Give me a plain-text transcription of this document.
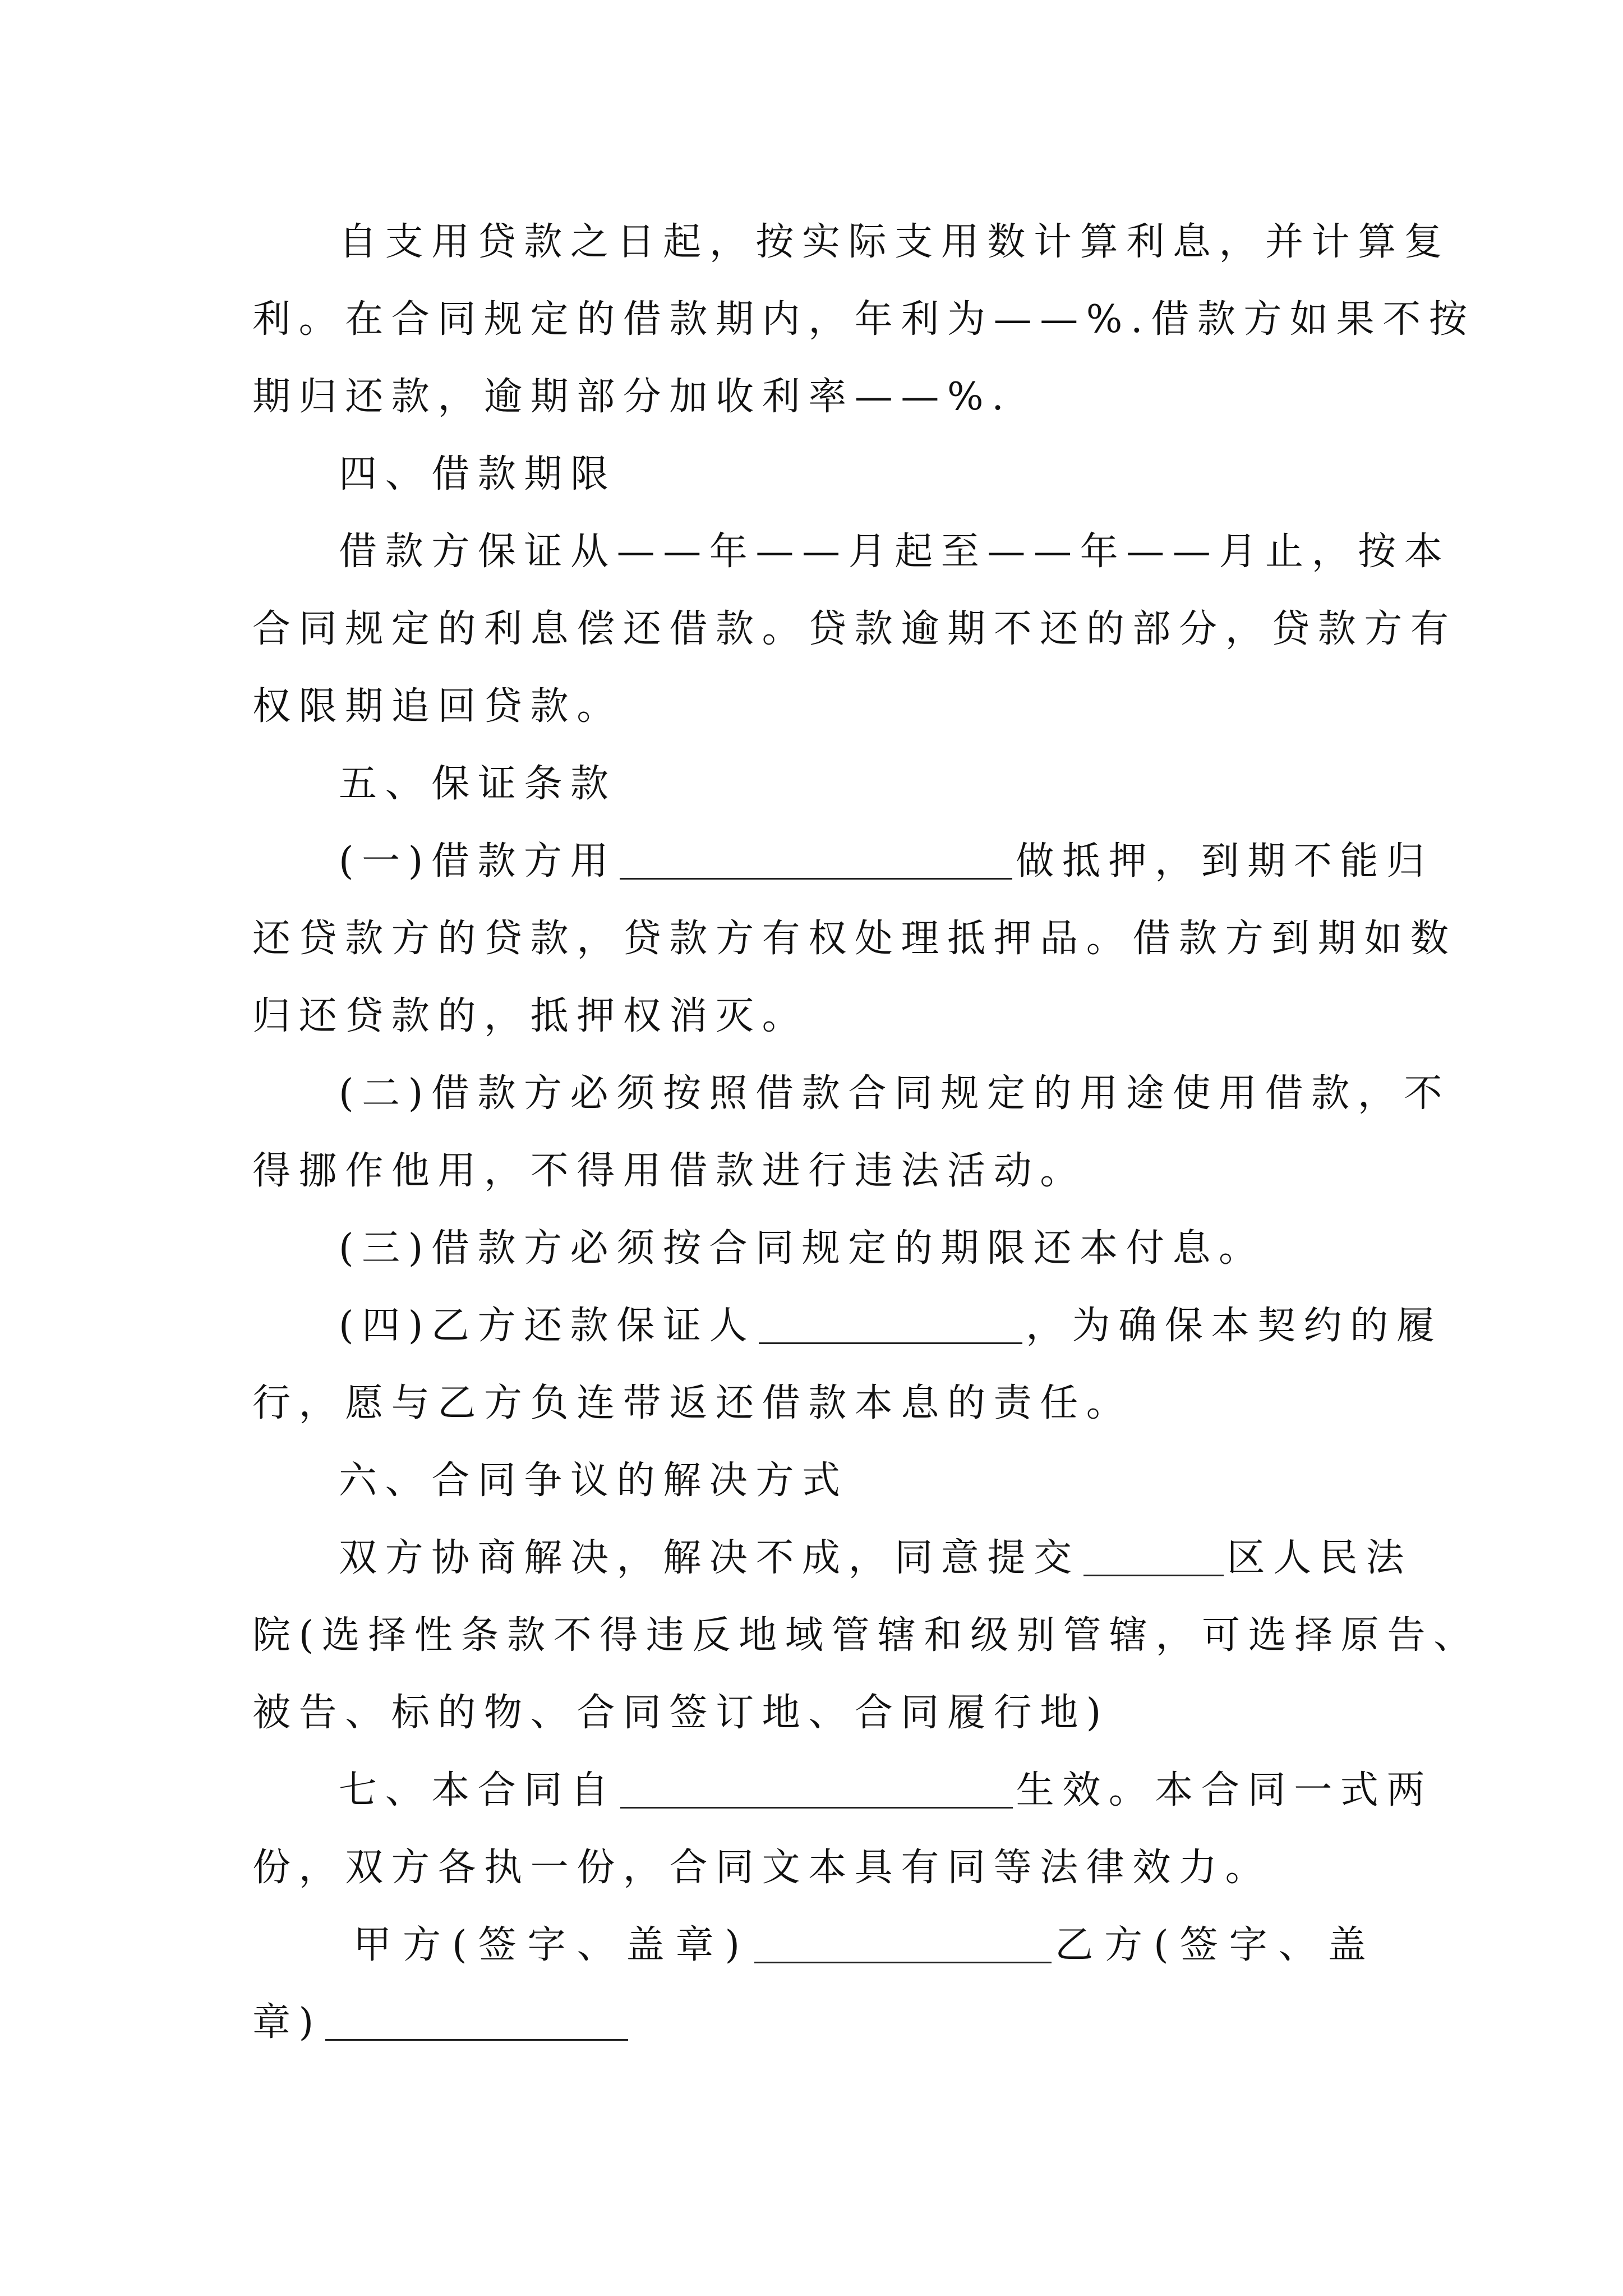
自支用贷款之日起，按实际支用数计算利息，并计算复

利。在合同规定的借款期内，年利为——%.借款方如果不按

期归还款，逾期部分加收利率——%.

四、借款期限

借款方保证从——年——月起至——年——月止，按本

合同规定的利息偿还借款。贷款逾期不还的部分，贷款方有

权限期追回贷款。

五、保证条款

(一)借款方用	做抵押，到期不能归

还贷款方的贷款，贷款方有权处理抵押品。借款方到期如数

归还贷款的，抵押权消灭。

(二)借款方必须按照借款合同规定的用途使用借款，不

得挪作他用，不得用借款进行违法活动。

(三)借款方必须按合同规定的期限还本付息。

(四)乙方还款保证人	，为确保本契约的履

行，愿与乙方负连带返还借款本息的责任。

六、合同争议的解决方式

双方协商解决，解决不成，同意提交	区人民法

院(选择性条款不得违反地域管辖和级别管辖，可选择原告、

被告、标的物、合同签订地、合同履行地)

七、本合同自	生效。本合同一式两

份，双方各执一份，合同文本具有同等法律效力。

甲方(签字、盖章)	乙方(签字、盖

章)
